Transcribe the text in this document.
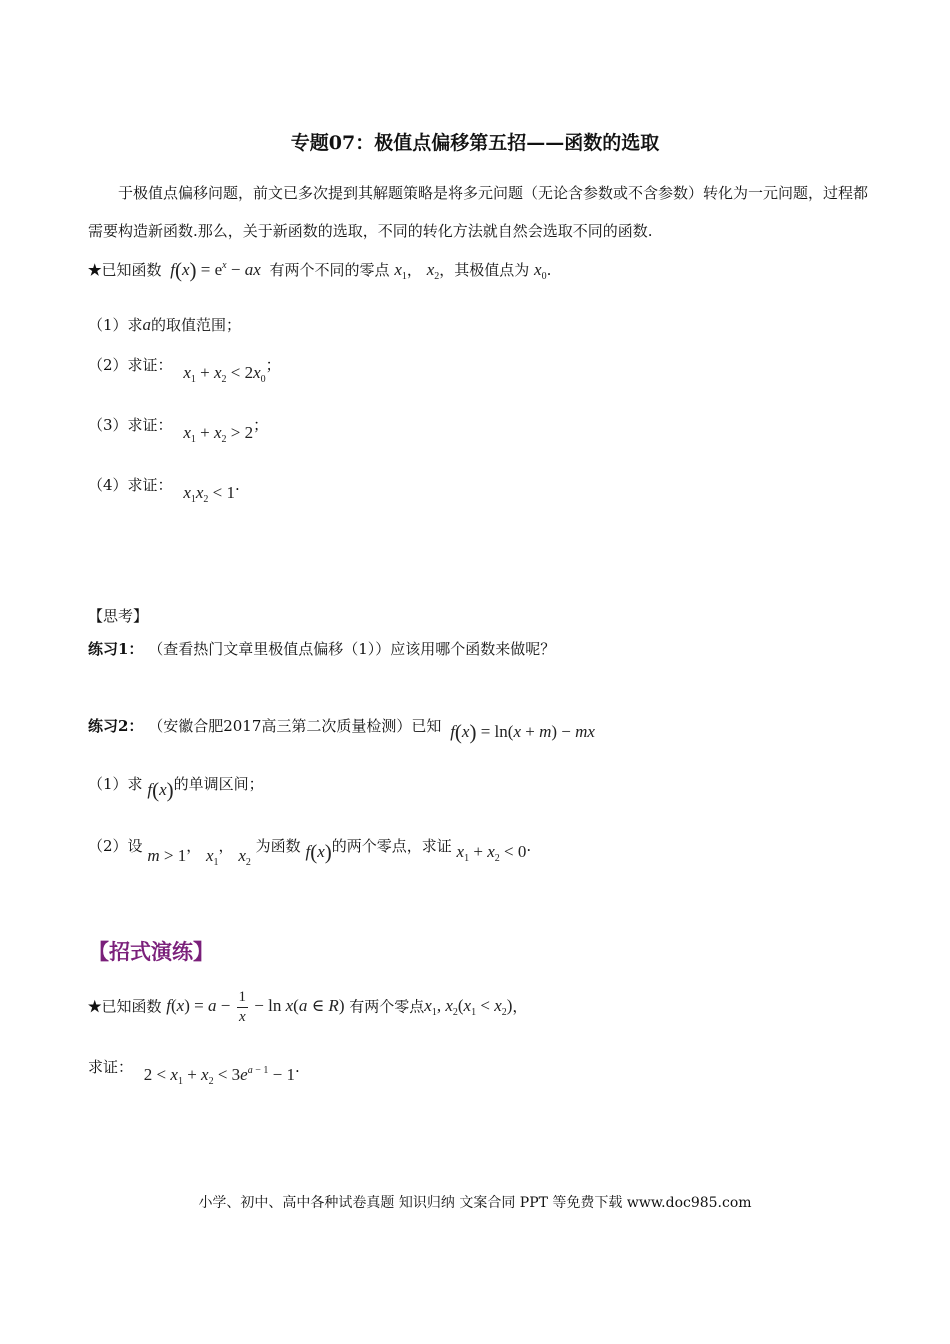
专题07：极值点偏移第五招——函数的选取
于极值点偏移问题，前文已多次提到其解题策略是将多元问题（无论含参数或不含参数）转化为一元问题，过程都需要构造新函数.那么，关于新函数的选取，不同的转化方法就自然会选取不同的函数.
★已知函数 $f(x) = e^x$ − ax 有两个不同的零点 $x_1$， $x_2$，其极值点为 $x_0$.
（1）求a的取值范围；
（2）求证： $x_1 + x_2 < 2x_0$；
（3）求证： $x_1 + x_2 > 2$；
（4）求证： $x_1x_2 < 1$.
【思考】
练习1： （查看热门文章里极值点偏移（1））应该用哪个函数来做呢？
练习2： （安徽合肥2017高三第二次质量检测）已知 f(x) = ln(x + m) − mx
（1）求 f(x)的单调区间；
（2）设 m > 1， $x_1$， $x_2$ 为函数 f(x)的两个零点，求证 $x_1 + x_2 < 0$.
【招式演练】
★已知函数 $f(x) = a - \frac{1}{x} - \ln x(a$ ∈ R) 有两个零点$x_1$, $x_2(x_1 < x_2)$，
求证： $2 < x_1 + x_2 < 3e^{a - 1} - 1$.
小学、初中、高中各种试卷真题 知识归纳 文案合同 PPT 等免费下载 www.doc985.com
